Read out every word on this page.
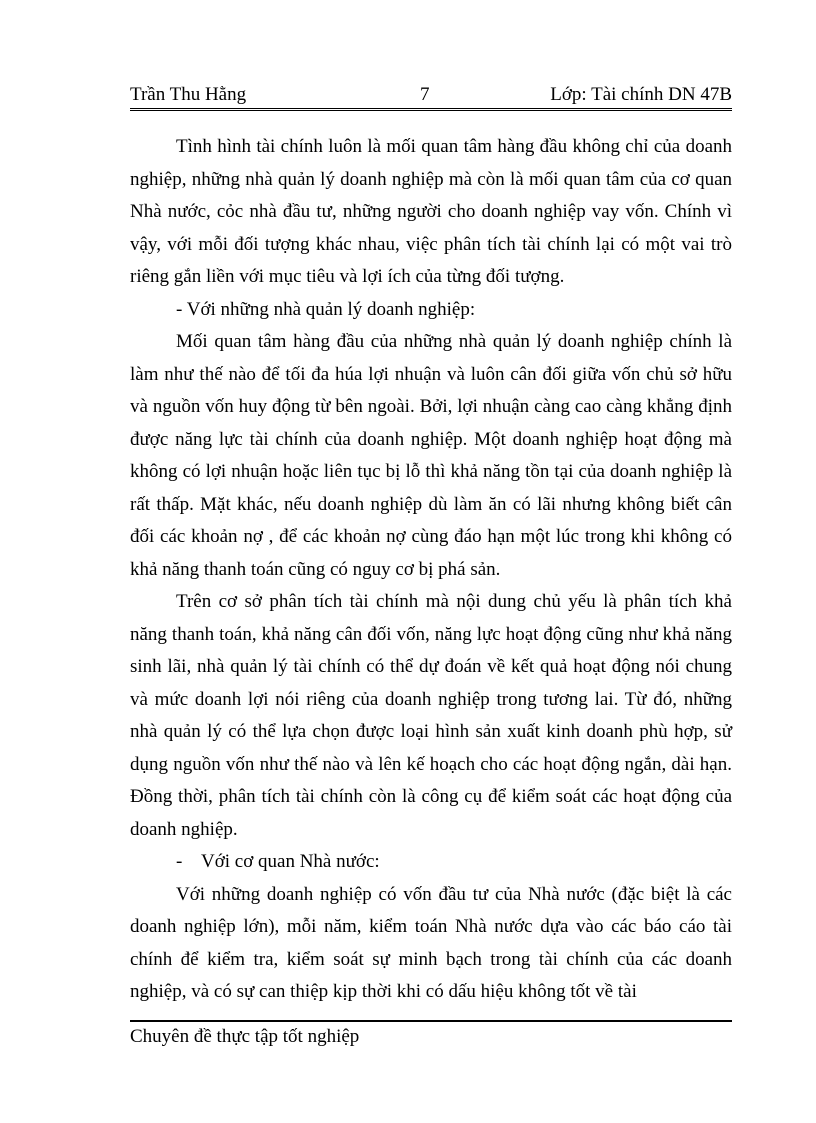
Trần Thu Hằng	7	Lớp: Tài chính DN 47B

Tình hình tài chính luôn là mối quan tâm hàng đầu không chỉ của doanh nghiệp, những nhà quản lý doanh nghiệp mà còn là mối quan tâm của cơ quan Nhà nước, cỏc nhà đầu tư, những người cho doanh nghiệp vay vốn. Chính vì vậy, với mỗi đối tượng khác nhau, việc phân tích tài chính lại có một vai trò riêng gắn liền với mục tiêu và lợi ích của từng đối tượng.

- Với những nhà quản lý doanh nghiệp:

Mối quan tâm hàng đầu của những nhà quản lý doanh nghiệp chính là làm như thế nào để tối đa húa lợi nhuận và luôn cân đối giữa vốn chủ sở hữu và nguồn vốn huy động từ bên ngoài. Bởi, lợi nhuận càng cao càng khẳng định được năng lực tài chính của doanh nghiệp. Một doanh nghiệp hoạt động mà không có lợi nhuận hoặc liên tục bị lỗ thì khả năng tồn tại của doanh nghiệp là rất thấp. Mặt khác, nếu doanh nghiệp dù làm ăn có lãi nhưng không biết cân đối các khoản nợ , để các khoản nợ cùng đáo hạn một lúc trong khi không có khả năng thanh toán cũng có nguy cơ bị phá sản.

Trên cơ sở phân tích tài chính mà nội dung chủ yếu là phân tích khả năng thanh toán, khả năng cân đối vốn, năng lực hoạt động cũng như khả năng sinh lãi, nhà quản lý tài chính có thể dự đoán về kết quả hoạt động nói chung và mức doanh lợi nói riêng của doanh nghiệp trong tương lai. Từ đó, những nhà quản lý có thể lựa chọn được loại hình sản xuất kinh doanh phù hợp, sử dụng nguồn vốn như thế nào và lên kế hoạch cho các hoạt động ngắn, dài hạn. Đồng thời, phân tích tài chính còn là công cụ để kiểm soát các hoạt động của doanh nghiệp.

-    Với cơ quan Nhà nước:

Với những doanh nghiệp có vốn đầu tư của Nhà nước (đặc biệt là các doanh nghiệp lớn), mỗi năm, kiểm toán Nhà nước dựa vào các báo cáo tài chính để kiểm tra, kiểm soát sự minh bạch trong tài chính của các doanh nghiệp, và có sự can thiệp kịp thời khi có dấu hiệu không tốt về tài

Chuyên đề thực tập tốt nghiệp
